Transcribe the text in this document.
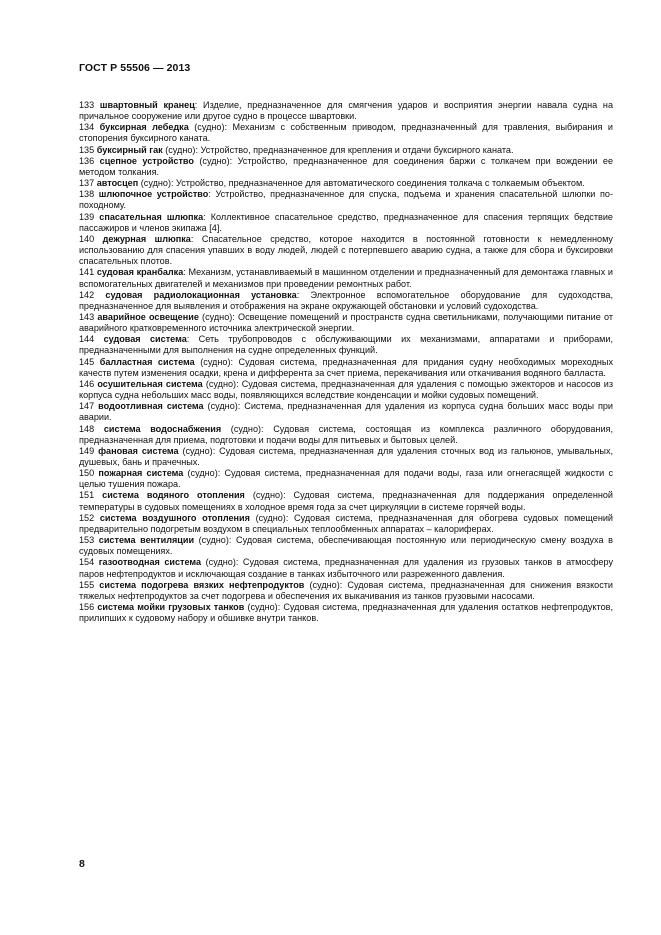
ГОСТ Р 55506 — 2013

133 швартовный кранец: Изделие, предназначенное для смягчения ударов и восприятия энергии навала судна на причальное сооружение или другое судно в процессе швартовки.

134 буксирная лебедка (судно): Механизм с собственным приводом, предназначенный для травления, выбирания и стопорения буксирного каната.

135 буксирный гак (судно): Устройство, предназначенное для крепления и отдачи буксирного каната.

136 сцепное устройство (судно): Устройство, предназначенное для соединения баржи с толкачем при вождении ее методом толкания.

137 автосцеп (судно): Устройство, предназначенное для автоматического соединения толкача с толкаемым объектом.

138 шлюпочное устройство: Устройство, предназначенное для спуска, подъема и хранения спасательной шлюпки по-походному.

139 спасательная шлюпка: Коллективное спасательное средство, предназначенное для спасения терпящих бедствие пассажиров и членов экипажа [4].

140 дежурная шлюпка: Спасательное средство, которое находится в постоянной готовности к немедленному использованию для спасения упавших в воду людей, людей с потерпевшего аварию судна, а также для сбора и буксировки спасательных плотов.

141 судовая кранбалка: Механизм, устанавливаемый в машинном отделении и предназначенный для демонтажа главных и вспомогательных двигателей и механизмов при проведении ремонтных работ.

142 судовая радиолокационная установка: Электронное вспомогательное оборудование для судоходства, предназначенное для выявления и отображения на экране окружающей обстановки и условий судоходства.

143 аварийное освещение (судно): Освещение помещений и пространств судна светильниками, получающими питание от аварийного кратковременного источника электрической энергии.

144 судовая система: Сеть трубопроводов с обслуживающими их механизмами, аппаратами и приборами, предназначенными для выполнения на судне определенных функций.

145 балластная система (судно): Судовая система, предназначенная для придания судну необходимых мореходных качеств путем изменения осадки, крена и дифферента за счет приема, перекачивания или откачивания водяного балласта.

146 осушительная система (судно): Судовая система, предназначенная для удаления с помощью эжекторов и насосов из корпуса судна небольших масс воды, появляющихся вследствие конденсации и мойки судовых помещений.

147 водоотливная система (судно): Система, предназначенная для удаления из корпуса судна больших масс воды при аварии.

148 система водоснабжения (судно): Судовая система, состоящая из комплекса различного оборудования, предназначенная для приема, подготовки и подачи воды для питьевых и бытовых целей.

149 фановая система (судно): Судовая система, предназначенная для удаления сточных вод из гальюнов, умывальных, душевых, бань и прачечных.

150 пожарная система (судно): Судовая система, предназначенная для подачи воды, газа или огнегасящей жидкости с целью тушения пожара.

151 система водяного отопления (судно): Судовая система, предназначенная для поддержания определенной температуры в судовых помещениях в холодное время года за счет циркуляции в системе горячей воды.

152 система воздушного отопления (судно): Судовая система, предназначенная для обогрева судовых помещений предварительно подогретым воздухом в специальных теплообменных аппаратах – калориферах.

153 система вентиляции (судно): Судовая система, обеспечивающая постоянную или периодическую смену воздуха в судовых помещениях.

154 газоотводная система (судно): Судовая система, предназначенная для удаления из грузовых танков в атмосферу паров нефтепродуктов и исключающая создание в танках избыточного или разреженного давления.

155 система подогрева вязких нефтепродуктов (судно): Судовая система, предназначенная для снижения вязкости тяжелых нефтепродуктов за счет подогрева и обеспечения их выкачивания из танков грузовыми насосами.

156 система мойки грузовых танков (судно): Судовая система, предназначенная для удаления остатков нефтепродуктов, прилипших к судовому набору и обшивке внутри танков.

8
